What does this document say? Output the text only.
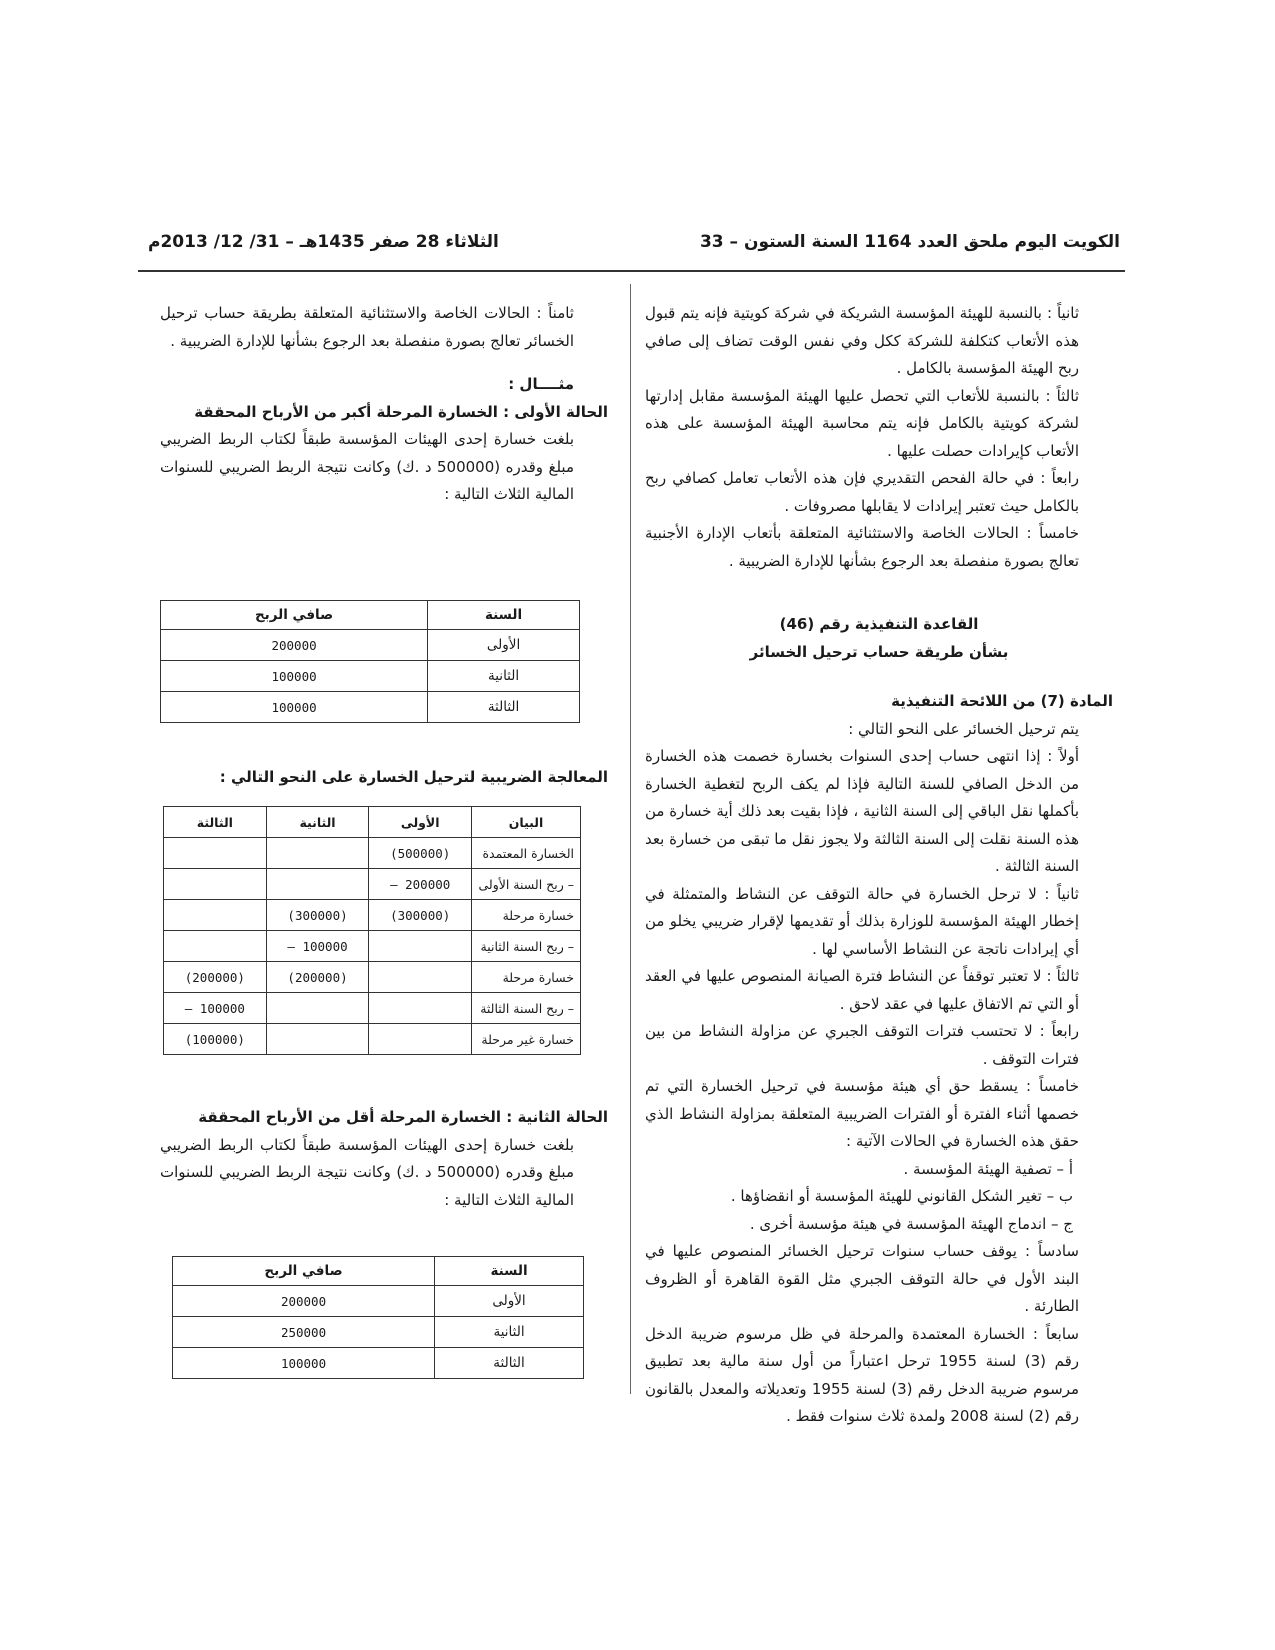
الكويت اليوم ملحق العدد 1164 السنة الستون – 33
الثلاثاء 28 صفر 1435هـ – 31/ 12/ 2013م

ثانياً : بالنسبة للهيئة المؤسسة الشريكة في شركة كويتية فإنه يتم قبول هذه الأتعاب كتكلفة للشركة ككل وفي نفس الوقت تضاف إلى صافي ربح الهيئة المؤسسة بالكامل .

ثالثاً : بالنسبة للأتعاب التي تحصل عليها الهيئة المؤسسة مقابل إدارتها لشركة كويتية بالكامل فإنه يتم محاسبة الهيئة المؤسسة على هذه الأتعاب كإيرادات حصلت عليها .

رابعاً : في حالة الفحص التقديري فإن هذه الأتعاب تعامل كصافي ربح بالكامل حيث تعتبر إيرادات لا يقابلها مصروفات .

خامساً : الحالات الخاصة والاستثنائية المتعلقة بأتعاب الإدارة الأجنبية تعالج بصورة منفصلة بعد الرجوع بشأنها للإدارة الضريبية .

القاعدة التنفيذية رقم (46)

بشأن طريقة حساب ترحيل الخسائر

المادة (7) من اللائحة التنفيذية

يتم ترحيل الخسائر على النحو التالي :

أولاً : إذا انتهى حساب إحدى السنوات بخسارة خصمت هذه الخسارة من الدخل الصافي للسنة التالية فإذا لم يكف الربح لتغطية الخسارة بأكملها نقل الباقي إلى السنة الثانية ، فإذا بقيت بعد ذلك أية خسارة من هذه السنة نقلت إلى السنة الثالثة ولا يجوز نقل ما تبقى من خسارة بعد السنة الثالثة .

ثانياً : لا ترحل الخسارة في حالة التوقف عن النشاط والمتمثلة في إخطار الهيئة المؤسسة للوزارة بذلك أو تقديمها لإقرار ضريبي يخلو من أي إيرادات ناتجة عن النشاط الأساسي لها .

ثالثاً : لا تعتبر توقفاً عن النشاط فترة الصيانة المنصوص عليها في العقد أو التي تم الاتفاق عليها في عقد لاحق .

رابعاً : لا تحتسب فترات التوقف الجبري عن مزاولة النشاط من بين فترات التوقف .

خامساً : يسقط حق أي هيئة مؤسسة في ترحيل الخسارة التي تم خصمها أثناء الفترة أو الفترات الضريبية المتعلقة بمزاولة النشاط الذي حقق هذه الخسارة في الحالات الآتية :

أ – تصفية الهيئة المؤسسة .

ب – تغير الشكل القانوني للهيئة المؤسسة أو انقضاؤها .

ج – اندماج الهيئة المؤسسة في هيئة مؤسسة أخرى .

سادساً : يوقف حساب سنوات ترحيل الخسائر المنصوص عليها في البند الأول في حالة التوقف الجبري مثل القوة القاهرة أو الظروف الطارئة .

سابعاً : الخسارة المعتمدة والمرحلة في ظل مرسوم ضريبة الدخل رقم (3) لسنة 1955 ترحل اعتباراً من أول سنة مالية بعد تطبيق مرسوم ضريبة الدخل رقم (3) لسنة 1955 وتعديلاته والمعدل بالقانون رقم (2) لسنة 2008 ولمدة ثلاث سنوات فقط .

ثامناً : الحالات الخاصة والاستثنائية المتعلقة بطريقة حساب ترحيل الخسائر تعالج بصورة منفصلة بعد الرجوع بشأنها للإدارة الضريبية .

مثــــال :

الحالة الأولى : الخسارة المرحلة أكبر من الأرباح المحققة

بلغت خسارة إحدى الهيئات المؤسسة طبقاً لكتاب الربط الضريبي مبلغ وقدره (500000 د .ك) وكانت نتيجة الربط الضريبي للسنوات المالية الثلاث التالية :

السنة	صافي الربح
الأولى	200000
الثانية	100000
الثالثة	100000

المعالجة الضريبية لترحيل الخسارة على النحو التالي :

البيان	الأولى	الثانية	الثالثة
الخسارة المعتمدة	(500000)		
– ربح السنة الأولى	200000 –		
خسارة مرحلة	(300000)	(300000)	
– ربح السنة الثانية		100000 –	
خسارة مرحلة		(200000)	(200000)
– ربح السنة الثالثة			100000 –
خسارة غير مرحلة			(100000)

الحالة الثانية : الخسارة المرحلة أقل من الأرباح المحققة

بلغت خسارة إحدى الهيئات المؤسسة طبقاً لكتاب الربط الضريبي مبلغ وقدره (500000 د .ك) وكانت نتيجة الربط الضريبي للسنوات المالية الثلاث التالية :

السنة	صافي الربح
الأولى	200000
الثانية	250000
الثالثة	100000
